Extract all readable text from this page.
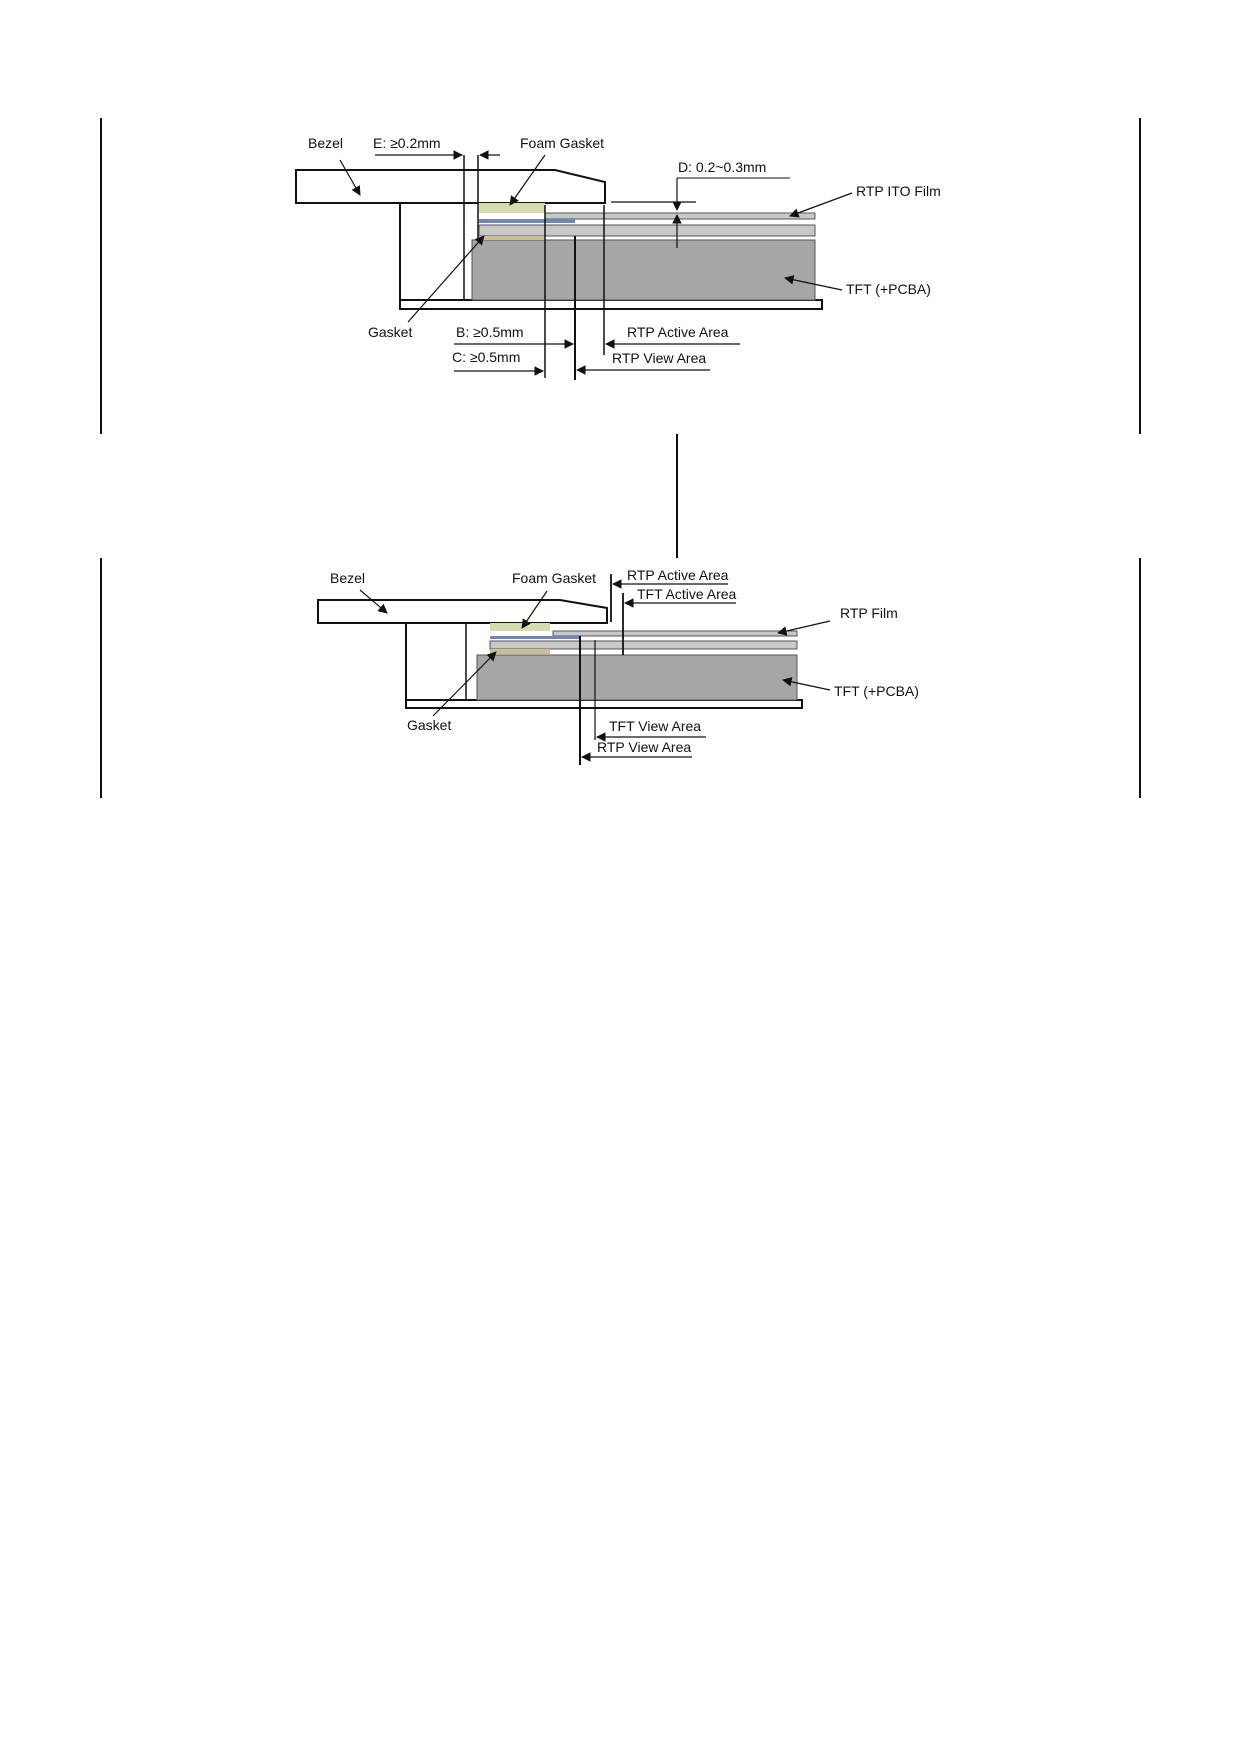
Bezel E: ≥0.2mm	Foam Gasket
D: 0.2~0.3mm
RTP ITO Film
TFT (+PCBA)
Gasket	B: ≥0.5mm	RTP Active Area
C: ≥0.5mm	RTP View Area
Bezel	Foam Gasket RTP Active Area
TFT Active Area
RTP Film
TFT (+PCBA)
Gasket	TFT View Area
RTP View Area
